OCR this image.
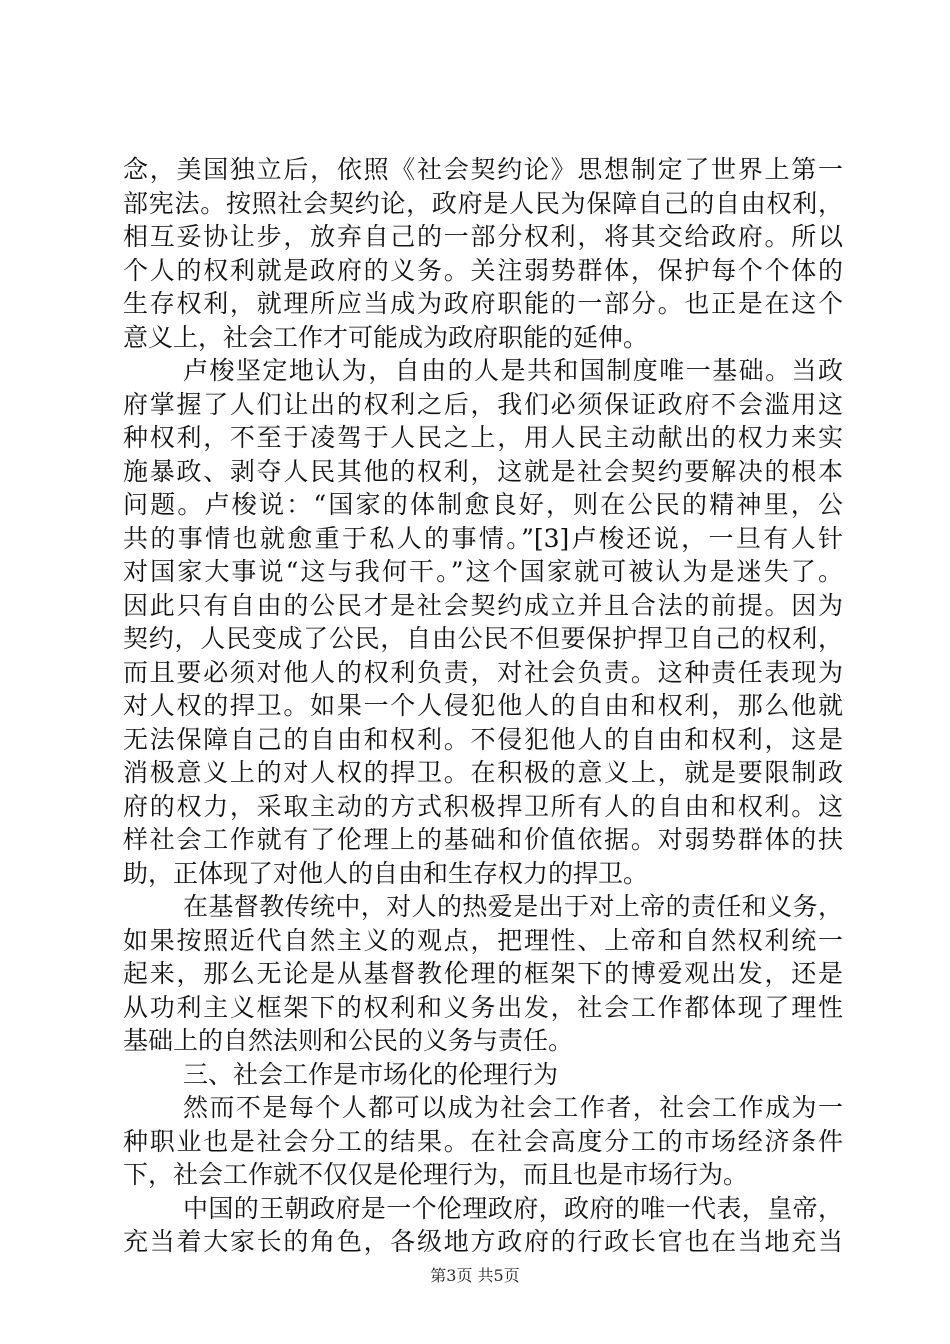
念，美国独立后，依照《社会契约论》思想制定了世界上第一
部宪法。按照社会契约论，政府是人民为保障自己的自由权利，
相互妥协让步，放弃自己的一部分权利，将其交给政府。所以
个人的权利就是政府的义务。关注弱势群体，保护每个个体的
生存权利，就理所应当成为政府职能的一部分。也正是在这个
意义上，社会工作才可能成为政府职能的延伸。
卢梭坚定地认为，自由的人是共和国制度唯一基础。当政
府掌握了人们让出的权利之后，我们必须保证政府不会滥用这
种权利，不至于凌驾于人民之上，用人民主动献出的权力来实
施暴政、剥夺人民其他的权利，这就是社会契约要解决的根本
问题。卢梭说：“国家的体制愈良好，则在公民的精神里，公
共的事情也就愈重于私人的事情。”[3]卢梭还说，一旦有人针
对国家大事说“这与我何干。”这个国家就可被认为是迷失了。
因此只有自由的公民才是社会契约成立并且合法的前提。因为
契约，人民变成了公民，自由公民不但要保护捍卫自己的权利，
而且要必须对他人的权利负责，对社会负责。这种责任表现为
对人权的捍卫。如果一个人侵犯他人的自由和权利，那么他就
无法保障自己的自由和权利。不侵犯他人的自由和权利，这是
消极意义上的对人权的捍卫。在积极的意义上，就是要限制政
府的权力，采取主动的方式积极捍卫所有人的自由和权利。这
样社会工作就有了伦理上的基础和价值依据。对弱势群体的扶
助，正体现了对他人的自由和生存权力的捍卫。
在基督教传统中，对人的热爱是出于对上帝的责任和义务，
如果按照近代自然主义的观点，把理性、上帝和自然权利统一
起来，那么无论是从基督教伦理的框架下的博爱观出发，还是
从功利主义框架下的权利和义务出发，社会工作都体现了理性
基础上的自然法则和公民的义务与责任。
三、社会工作是市场化的伦理行为
然而不是每个人都可以成为社会工作者，社会工作成为一
种职业也是社会分工的结果。在社会高度分工的市场经济条件
下，社会工作就不仅仅是伦理行为，而且也是市场行为。
中国的王朝政府是一个伦理政府，政府的唯一代表，皇帝，
充当着大家长的角色，各级地方政府的行政长官也在当地充当
第3页 共5页
